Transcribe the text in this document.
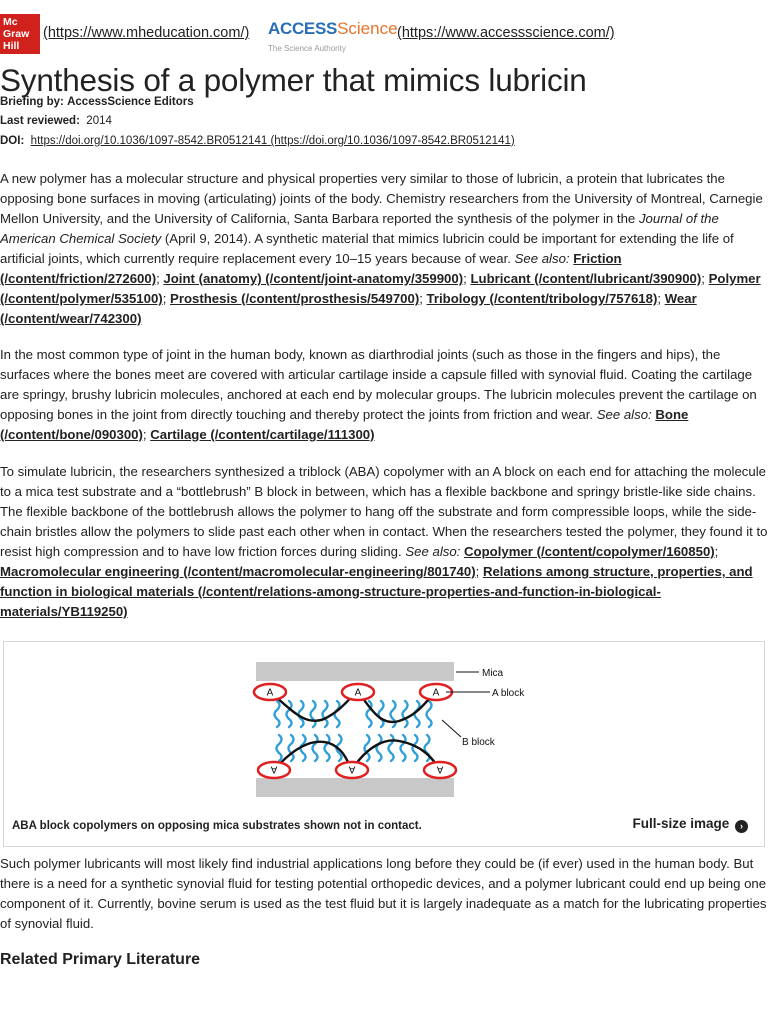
Mc
Graw
Hill
(https://www.mheducation.com/) ACCESSScience
The Science Authority
(https://www.accessscience.com/)
Synthesis of a polymer that mimics lubricin
Briefing by: AccessScience Editors
Last reviewed: 2014
DOI: https://doi.org/10.1036/1097-8542.BR0512141 (https://doi.org/10.1036/1097-8542.BR0512141)

A new polymer has a molecular structure and physical properties very similar to those of lubricin, a protein that lubricates the opposing bone surfaces in moving (articulating) joints of the body. Chemistry researchers from the University of Montreal, Carnegie Mellon University, and the University of California, Santa Barbara reported the synthesis of the polymer in the Journal of the American Chemical Society (April 9, 2014). A synthetic material that mimics lubricin could be important for extending the life of artificial joints, which currently require replacement every 10–15 years because of wear. See also: Friction (/content/friction/272600); Joint (anatomy) (/content/joint-anatomy/359900); Lubricant (/content/lubricant/390900); Polymer (/content/polymer/535100); Prosthesis (/content/prosthesis/549700); Tribology (/content/tribology/757618); Wear (/content/wear/742300)

In the most common type of joint in the human body, known as diarthrodial joints (such as those in the fingers and hips), the surfaces where the bones meet are covered with articular cartilage inside a capsule filled with synovial fluid. Coating the cartilage are springy, brushy lubricin molecules, anchored at each end by molecular groups. The lubricin molecules prevent the cartilage on opposing bones in the joint from directly touching and thereby protect the joints from friction and wear. See also: Bone (/content/bone/090300); Cartilage (/content/cartilage/111300)

To simulate lubricin, the researchers synthesized a triblock (ABA) copolymer with an A block on each end for attaching the molecule to a mica test substrate and a “bottlebrush” B block in between, which has a flexible backbone and springy bristle-like side chains. The flexible backbone of the bottlebrush allows the polymer to hang off the substrate and form compressible loops, while the side-chain bristles allow the polymers to slide past each other when in contact. When the researchers tested the polymer, they found it to resist high compression and to have low friction forces during sliding. See also: Copolymer (/content/copolymer/160850); Macromolecular engineering (/content/macromolecular-engineering/801740); Relations among structure, properties, and function in biological materials (/content/relations-among-structure-properties-and-function-in-biological-materials/YB119250)

A	A	A
A	A	A
Mica
A block
B block
ABA block copolymers on opposing mica substrates shown not in contact.	Full-size image ›

Such polymer lubricants will most likely find industrial applications long before they could be (if ever) used in the human body. But there is a need for a synthetic synovial fluid for testing potential orthopedic devices, and a polymer lubricant could end up being one component of it. Currently, bovine serum is used as the test fluid but it is largely inadequate as a match for the lubricating properties of synovial fluid.

Related Primary Literature
